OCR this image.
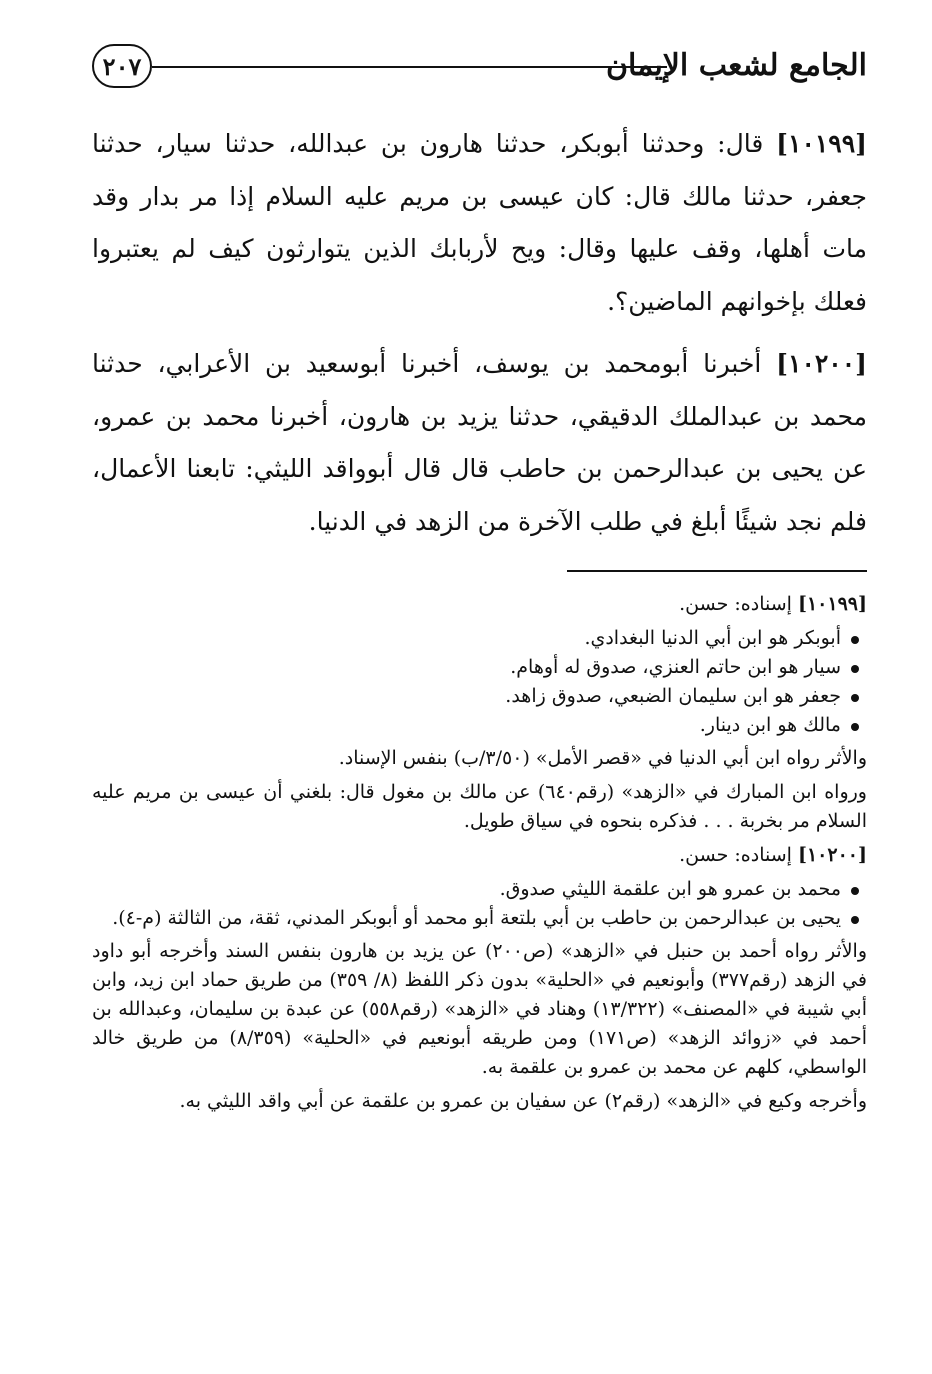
٢٠٧	الجامع لشعب الإيمان

[١٠١٩٩] قال: وحدثنا أبوبكر، حدثنا هارون بن عبدالله، حدثنا سيار، حدثنا جعفر، حدثنا مالك قال: كان عيسى بن مريم عليه السلام إذا مر بدار وقد مات أهلها، وقف عليها وقال: ويح لأربابك الذين يتوارثون كيف لم يعتبروا فعلك بإخوانهم الماضين؟.

[١٠٢٠٠] أخبرنا أبومحمد بن يوسف، أخبرنا أبوسعيد بن الأعرابي، حدثنا محمد بن عبدالملك الدقيقي، حدثنا يزيد بن هارون، أخبرنا محمد بن عمرو، عن يحيى بن عبدالرحمن بن حاطب قال قال أبوواقد الليثي: تابعنا الأعمال، فلم نجد شيئًا أبلغ في طلب الآخرة من الزهد في الدنيا.

[١٠١٩٩] إسناده: حسن.

أبوبكر هو ابن أبي الدنيا البغدادي.
سيار هو ابن حاتم العنزي، صدوق له أوهام.
جعفر هو ابن سليمان الضبعي، صدوق زاهد.
مالك هو ابن دينار.

والأثر رواه ابن أبي الدنيا في «قصر الأمل» (٣/٥٠/ب) بنفس الإسناد.

ورواه ابن المبارك في «الزهد» (رقم٦٤٠) عن مالك بن مغول قال: بلغني أن عيسى بن مريم عليه السلام مر بخربة . . . فذكره بنحوه في سياق طويل.

[١٠٢٠٠] إسناده: حسن.

محمد بن عمرو هو ابن علقمة الليثي صدوق.
يحيى بن عبدالرحمن بن حاطب بن أبي بلتعة أبو محمد أو أبوبكر المدني، ثقة، من الثالثة (م-٤).

والأثر رواه أحمد بن حنبل في «الزهد» (ص٢٠٠) عن يزيد بن هارون بنفس السند وأخرجه أبو داود في الزهد (رقم٣٧٧) وأبونعيم في «الحلية» بدون ذكر اللفظ (٨/ ٣٥٩) من طريق حماد ابن زيد، وابن أبي شيبة في «المصنف» (١٣/٣٢٢) وهناد في «الزهد» (رقم٥٥٨) عن عبدة بن سليمان، وعبدالله بن أحمد في «زوائد الزهد» (ص١٧١) ومن طريقه أبونعيم في «الحلية» (٨/٣٥٩) من طريق خالد الواسطي، كلهم عن محمد بن عمرو بن علقمة به.

وأخرجه وكيع في «الزهد» (رقم٢) عن سفيان بن عمرو بن علقمة عن أبي واقد الليثي به.
